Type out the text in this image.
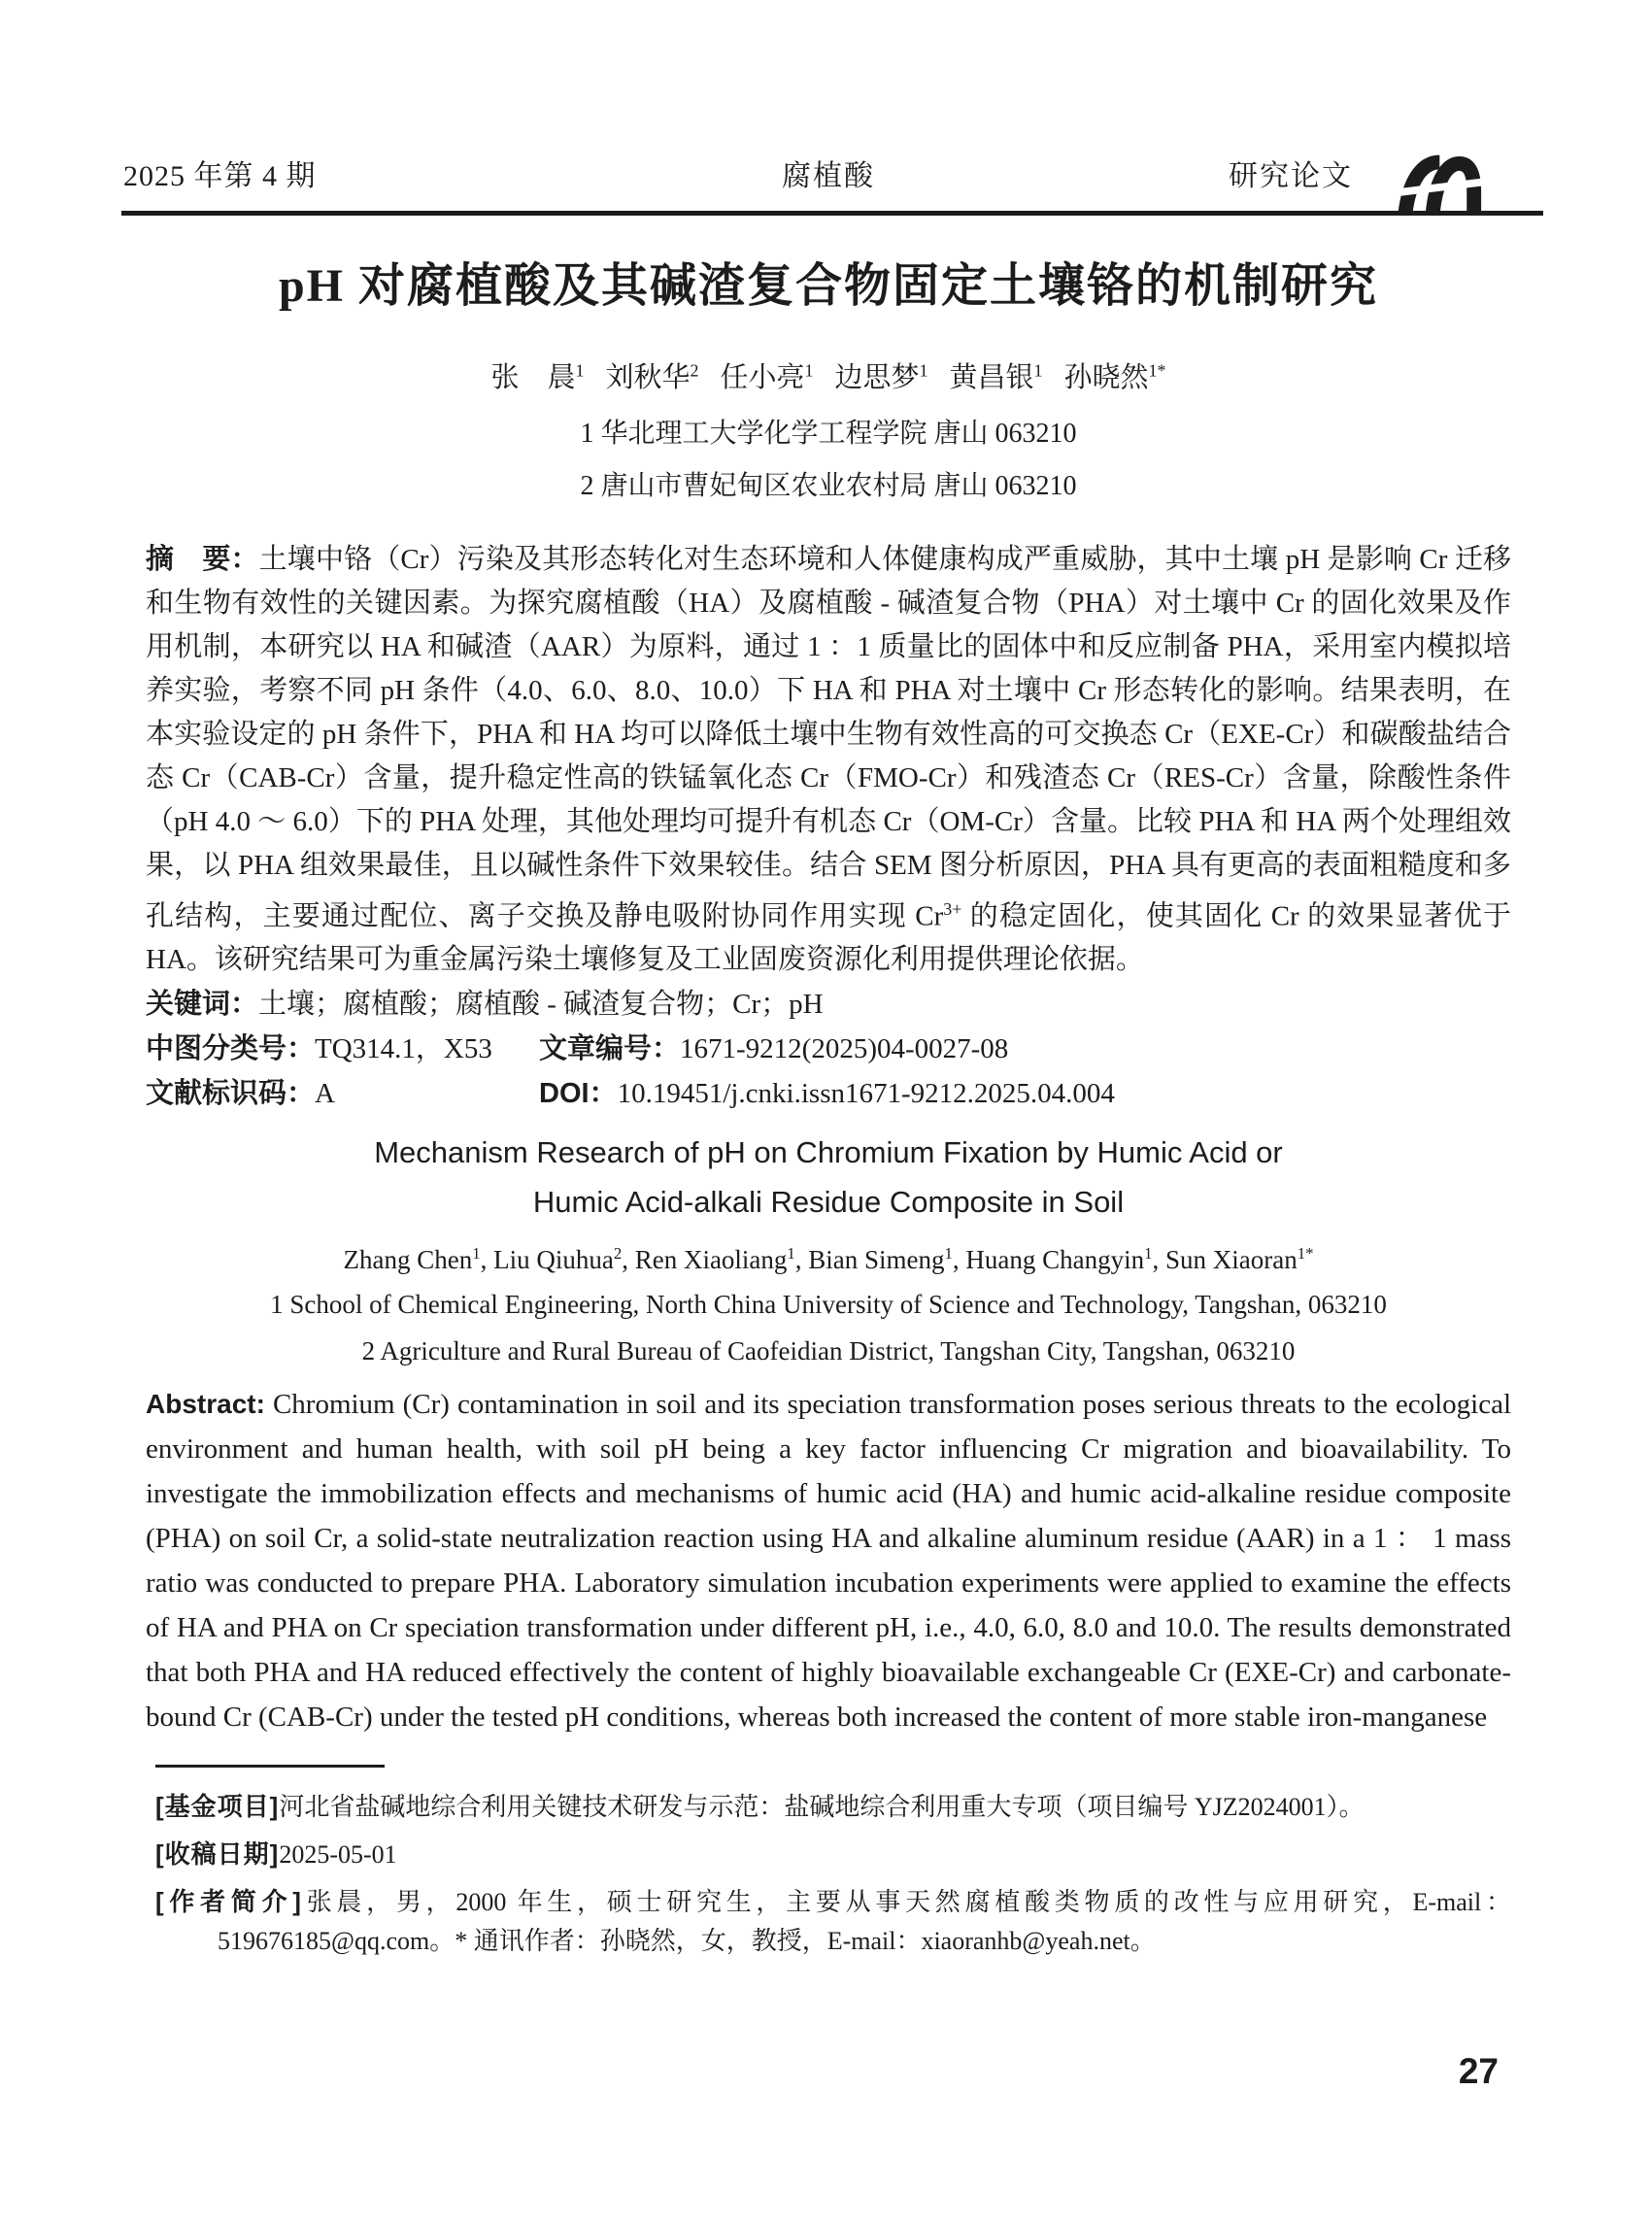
2025 年第 4 期	腐植酸	研究论文
pH 对腐植酸及其碱渣复合物固定土壤铬的机制研究
张　晨$^1$ 刘秋华$^2$ 任小亮$^1$ 边思梦$^1$ 黄昌银$^1$ 孙晓然$^{1*}$
1 华北理工大学化学工程学院 唐山 063210
2 唐山市曹妃甸区农业农村局 唐山 063210

摘　要：土壤中铬（Cr）污染及其形态转化对生态环境和人体健康构成严重威胁，其中土壤 pH 是影响 Cr 迁移和生物有效性的关键因素。为探究腐植酸（HA）及腐植酸 - 碱渣复合物（PHA）对土壤中 Cr 的固化效果及作用机制，本研究以 HA 和碱渣（AAR）为原料，通过 1 ：1 质量比的固体中和反应制备 PHA，采用室内模拟培养实验，考察不同 pH 条件（4.0、6.0、8.0、10.0）下 HA 和 PHA 对土壤中 Cr 形态转化的影响。结果表明，在本实验设定的 pH 条件下，PHA 和 HA 均可以降低土壤中生物有效性高的可交换态 Cr（EXE-Cr）和碳酸盐结合态 Cr（CAB-Cr）含量，提升稳定性高的铁锰氧化态 Cr（FMO-Cr）和残渣态 Cr（RES-Cr）含量，除酸性条件（pH 4.0 ～ 6.0）下的 PHA 处理，其他处理均可提升有机态 Cr（OM-Cr）含量。比较 PHA 和 HA 两个处理组效果，以 PHA 组效果最佳，且以碱性条件下效果较佳。结合 SEM 图分析原因，PHA 具有更高的表面粗糙度和多孔结构，主要通过配位、离子交换及静电吸附协同作用实现 $Cr^{3+}$ 的稳定固化，使其固化 Cr 的效果显著优于 HA。该研究结果可为重金属污染土壤修复及工业固废资源化利用提供理论依据。

关键词：土壤；腐植酸；腐植酸 - 碱渣复合物；Cr；pH

中图分类号：TQ314.1，X53 文章编号：1671-9212(2025)04-0027-08

文献标识码：A	DOI：10.19451/j.cnki.issn1671-9212.2025.04.004

Mechanism Research of pH on Chromium Fixation by Humic Acid or
Humic Acid-alkali Residue Composite in Soil
Zhang Chen$^1$, Liu Qiuhua$^2$, Ren Xiaoliang$^1$, Bian Simeng$^1$, Huang Changyin$^1$, Sun Xiaoran$^{1*}$
1 School of Chemical Engineering, North China University of Science and Technology, Tangshan, 063210
2 Agriculture and Rural Bureau of Caofeidian District, Tangshan City, Tangshan, 063210

Abstract: Chromium (Cr) contamination in soil and its speciation transformation poses serious threats to the ecological environment and human health, with soil pH being a key factor influencing Cr migration and bioavailability. To investigate the immobilization effects and mechanisms of humic acid (HA) and humic acid-alkaline residue composite (PHA) on soil Cr, a solid-state neutralization reaction using HA and alkaline aluminum residue (AAR) in a 1 ： 1 mass ratio was conducted to prepare PHA. Laboratory simulation incubation experiments were applied to examine the effects of HA and PHA on Cr speciation transformation under different pH, i.e., 4.0, 6.0, 8.0 and 10.0. The results demonstrated that both PHA and HA reduced effectively the content of highly bioavailable exchangeable Cr (EXE-Cr) and carbonate-bound Cr (CAB-Cr) under the tested pH conditions, whereas both increased the content of more stable iron-manganese

[基金项目]河北省盐碱地综合利用关键技术研发与示范：盐碱地综合利用重大专项（项目编号 YJZ2024001）。

[收稿日期]2025-05-01

[作者简介]张晨，男，2000 年生，硕士研究生，主要从事天然腐植酸类物质的改性与应用研究，E-mail：519676185@qq.com。* 通讯作者：孙晓然，女，教授，E-mail：xiaoranhb@yeah.net。

27
